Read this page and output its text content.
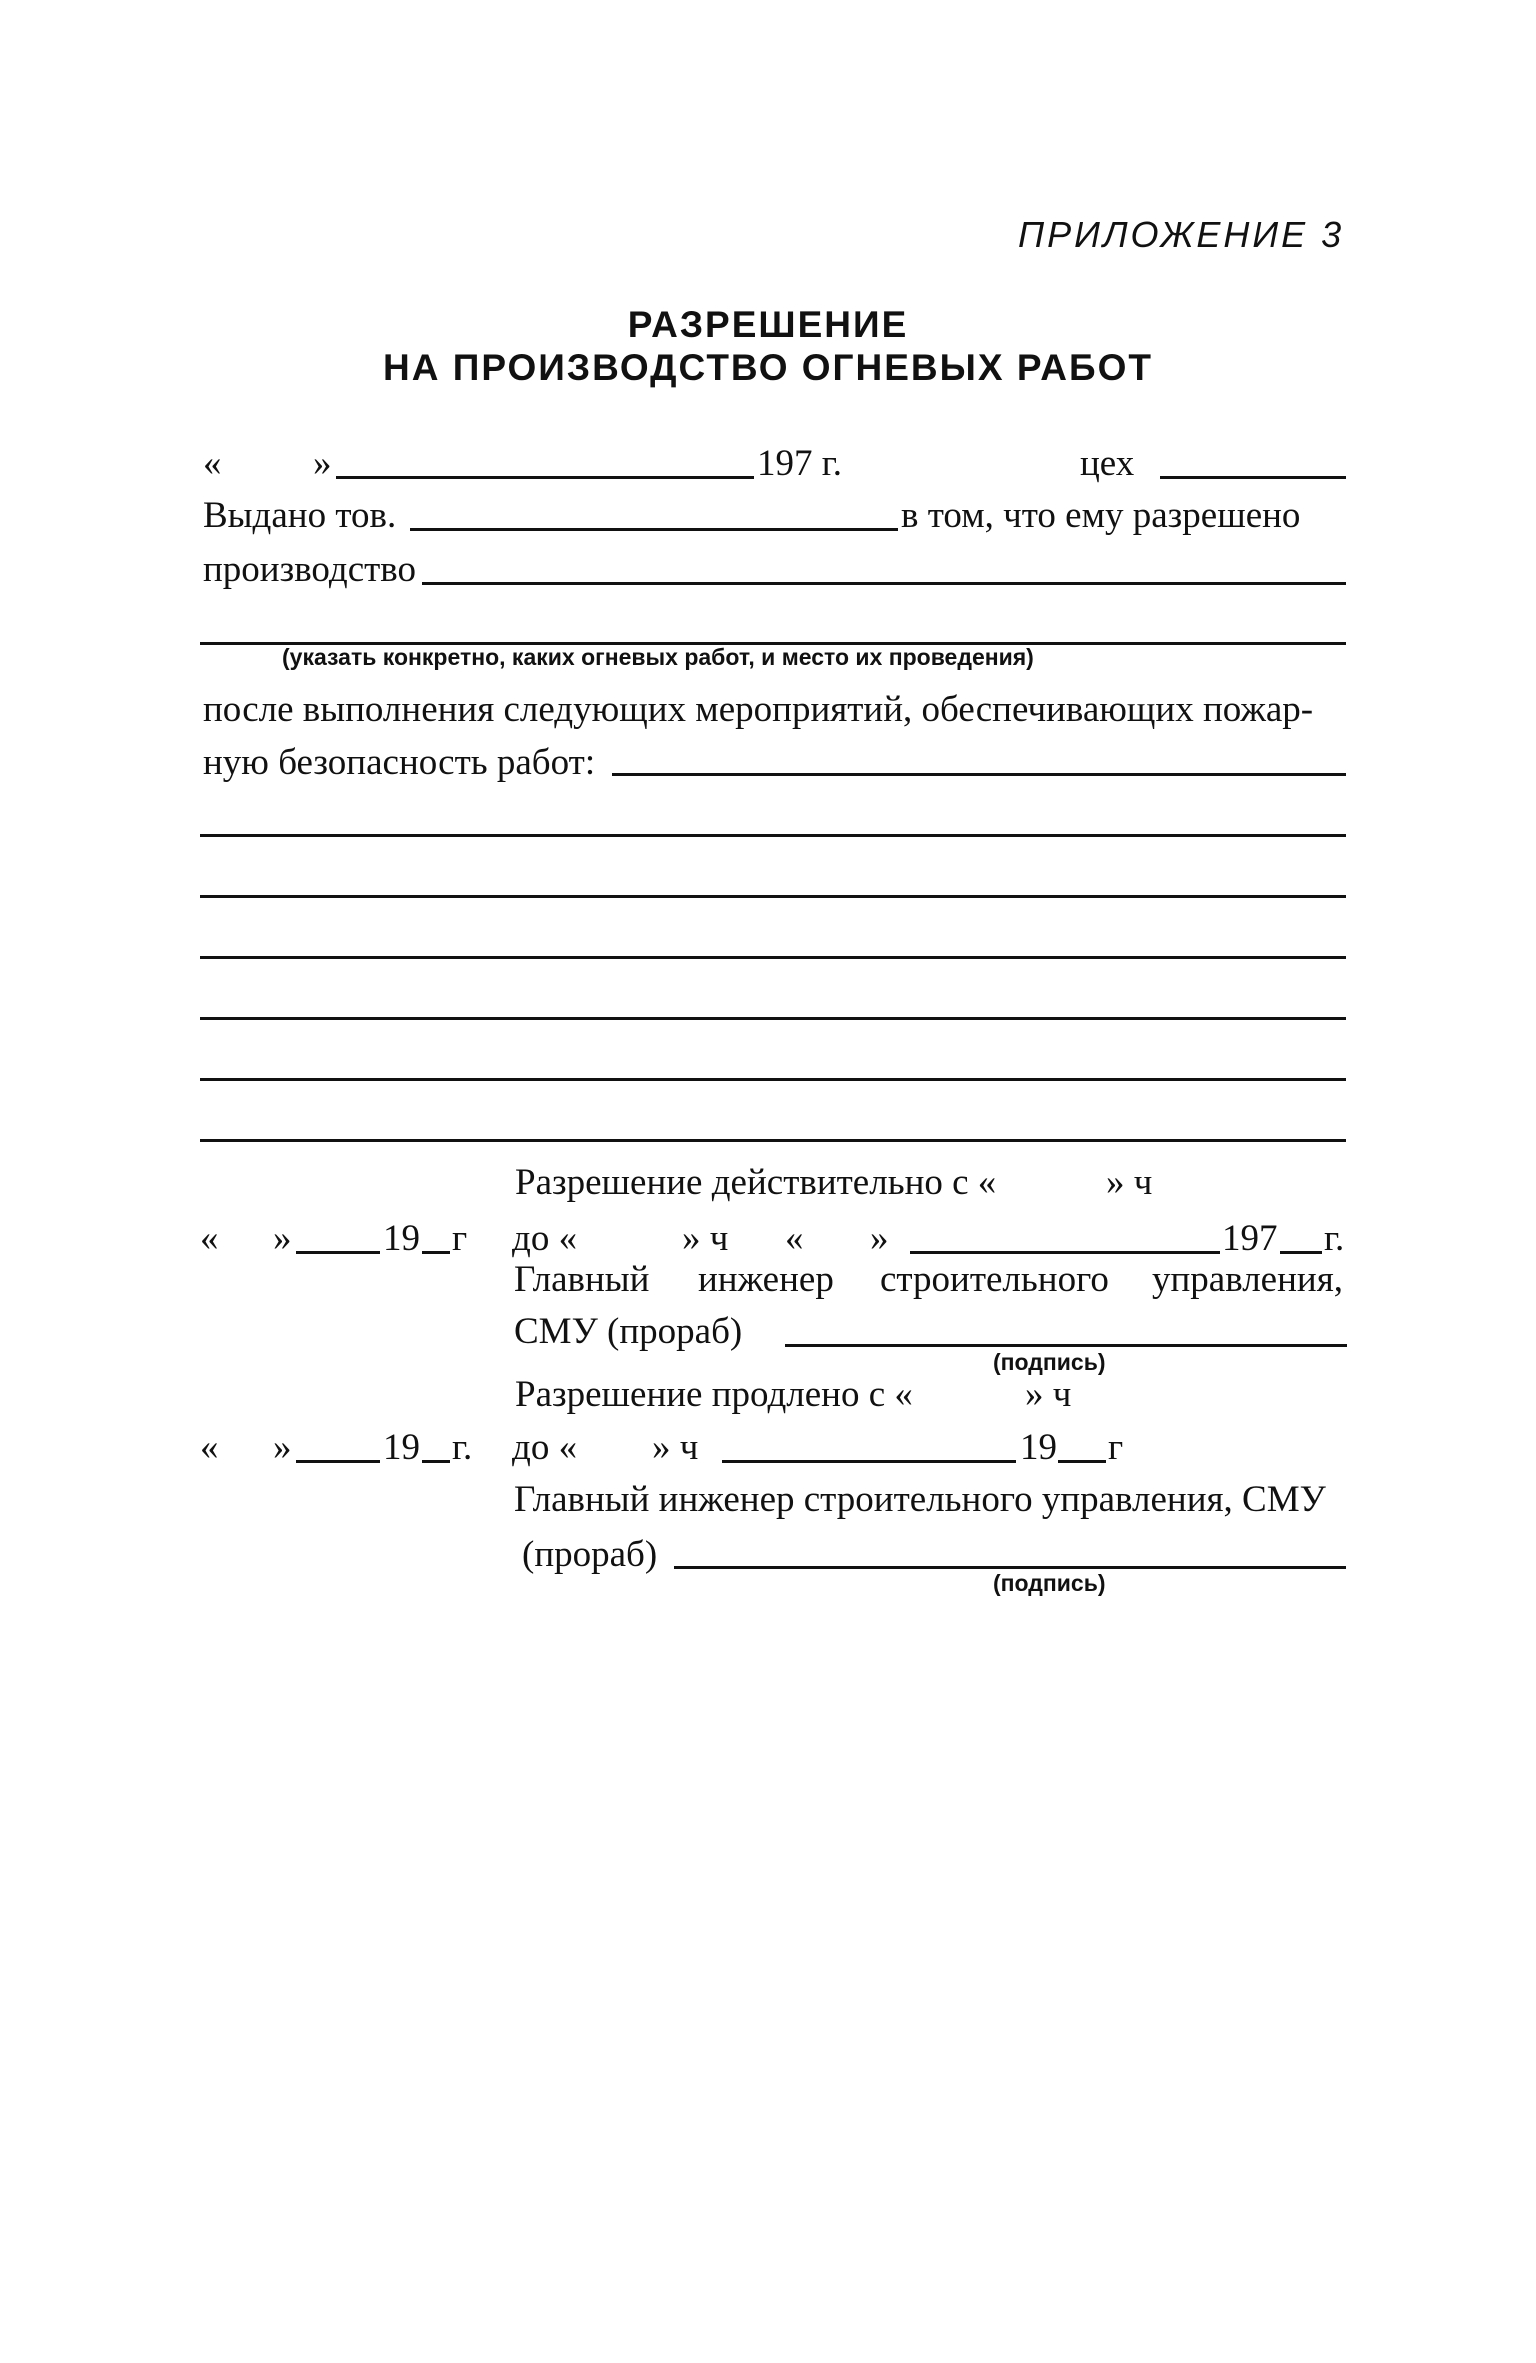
ПРИЛОЖЕНИЕ 3
РАЗРЕШЕНИЕ
НА ПРОИЗВОДСТВО ОГНЕВЫХ РАБОТ
« »	197 г.	цех
Выдано тов.	в том, что ему разрешено
производство
(указать конкретно, каких огневых работ, и место их проведения)
после выполнения следующих мероприятий, обеспечивающих пожар-
ную безопасность работ:
Разрешение действительно с «	» ч
« » 19 г до «	» ч « »	197 г.
Главный инженер строительного управления,
СМУ (прораб)
(подпись)
Разрешение продлено с «	» ч
« » 19 г. до « » ч	19 г
Главный инженер строительного управления, СМУ
(прораб)
(подпись)
